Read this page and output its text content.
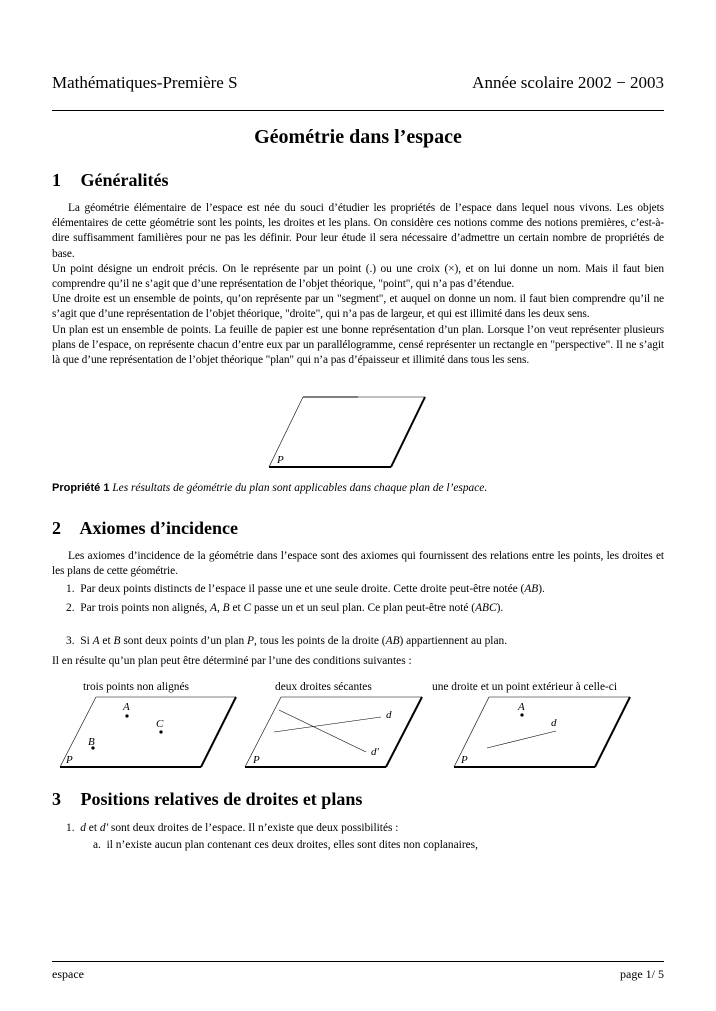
Mathématiques-Première S	Année scolaire 2002 − 2003
Géométrie dans l’espace
1 Généralités

La géométrie élémentaire de l’espace est née du souci d’étudier les propriétés de l’espace dans lequel nous vivons. Les objets élémentaires de cette géométrie sont les points, les droites et les plans. On considère ces notions comme des notions premières, c’est-à-dire suffisamment familières pour ne pas les définir. Pour leur étude il sera nécessaire d’admettre un certain nombre de propriétés de base.

Un point désigne un endroit précis. On le représente par un point (.) ou une croix (×), et on lui donne un nom. Mais il faut bien comprendre qu’il ne s’agit que d’une représentation de l’objet théorique, "point", qui n’a pas d’étendue.

Une droite est un ensemble de points, qu’on représente par un "segment", et auquel on donne un nom. il faut bien comprendre qu’il ne s’agit que d’une représentation de l’objet théorique, "droite", qui n’a pas de largeur, et qui est illimité dans les deux sens.

Un plan est un ensemble de points. La feuille de papier est une bonne représentation d’un plan. Lorsque l’on veut représenter plusieurs plans de l’espace, on représente chacun d’entre eux par un parallélogramme, censé représenter un rectangle en "perspective". Il ne s’agit là que d’une représentation de l’objet théorique "plan" qui n’a pas d’épaisseur et illimité dans tous les sens.

Propriété 1 Les résultats de géométrie du plan sont applicables dans chaque plan de l’espace.
2 Axiomes d’incidence

Les axiomes d’incidence de la géométrie dans l’espace sont des axiomes qui fournissent des relations entre les points, les droites et les plans de cette géométrie.

1. Par deux points distincts de l’espace il passe une et une seule droite. Cette droite peut-être notée (AB).
2. Par trois points non alignés, A, B et C passe un et un seul plan. Ce plan peut-être noté (ABC).
3. Si A et B sont deux points d’un plan P, tous les points de la droite (AB) appartiennent au plan.
Il en résulte qu’un plan peut être déterminé par l’une des conditions suivantes :
trois points non alignés	deux droites sécantes	une droite et un point extérieur à celle-ci
P
A
C
B
P
d
d′
P
A
d
P
3 Positions relatives de droites et plans
1. d et d′ sont deux droites de l’espace. Il n’existe que deux possibilités :
a. il n’existe aucun plan contenant ces deux droites, elles sont dites non coplanaires,
espace	page 1/ 5
